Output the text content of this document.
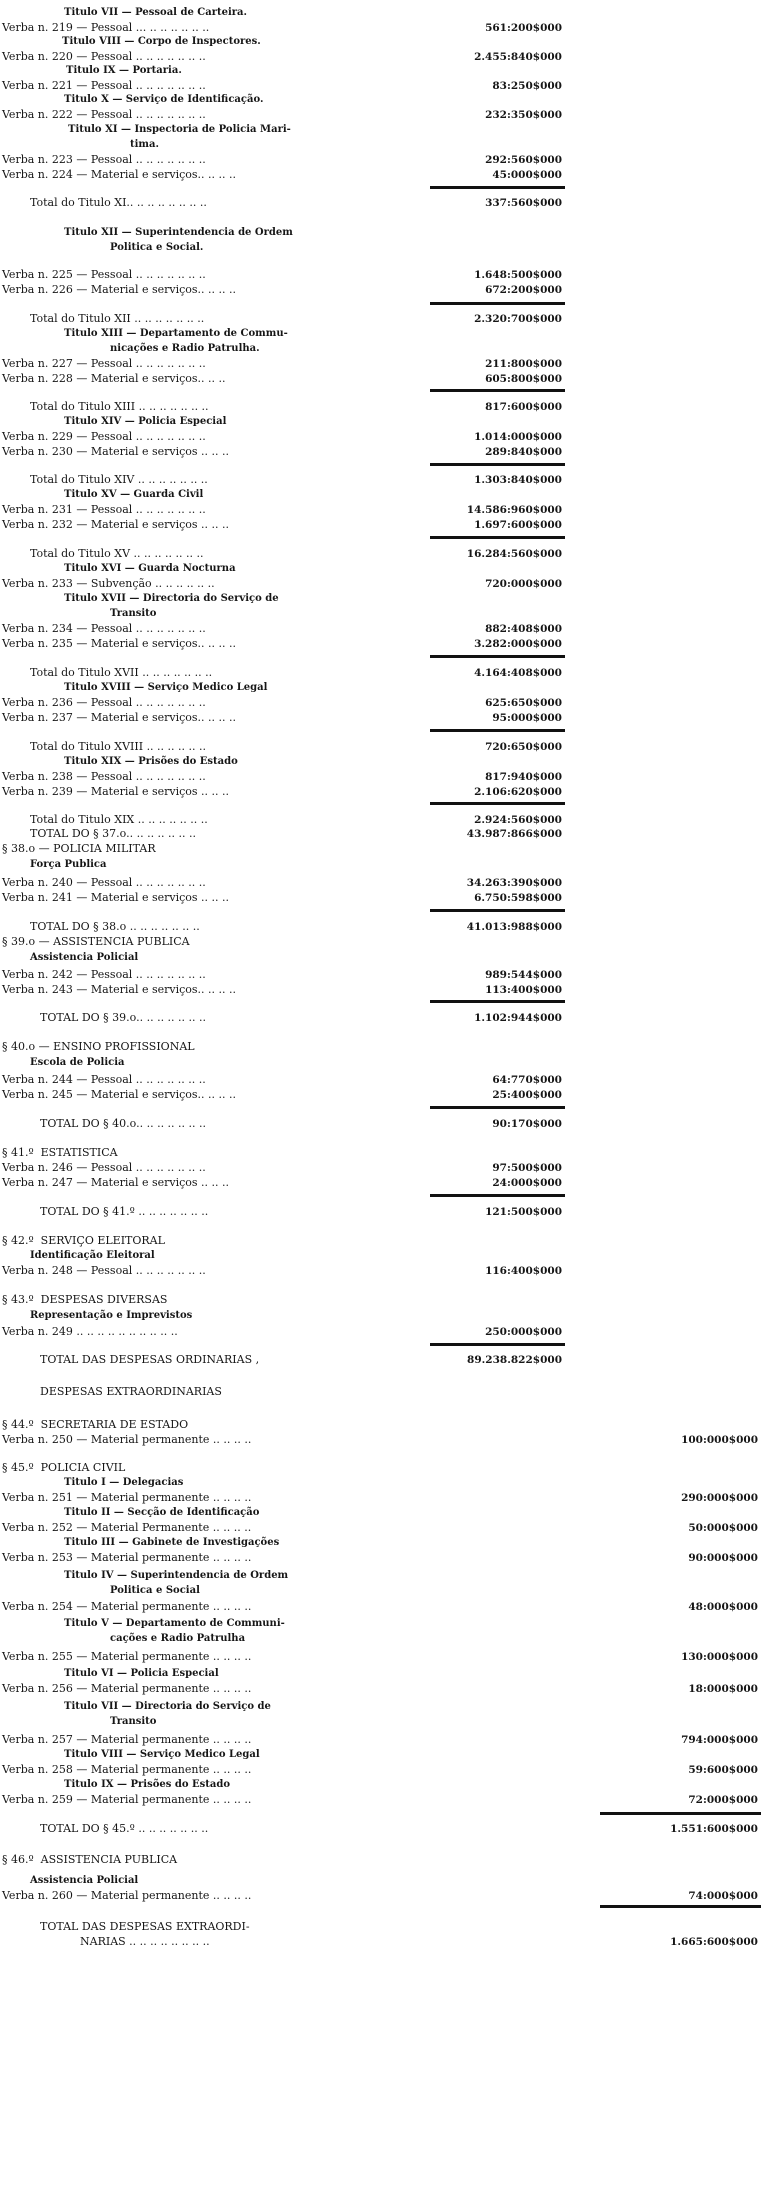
Titulo VII — Pessoal de Carteira.
Verba n. 219 — Pessoal ... .. .. .. .. .. ..	561:200$000
Titulo VIII — Corpo de Inspectores.
Verba n. 220 — Pessoal .. .. .. .. .. .. ..	2.455:840$000
Titulo IX — Portaria.
Verba n. 221 — Pessoal .. .. .. .. .. .. ..	83:250$000
Titulo X — Serviço de Identificação.
Verba n. 222 — Pessoal .. .. .. .. .. .. ..	232:350$000
Titulo XI — Inspectoria de Policia Mari-
tima.
Verba n. 223 — Pessoal .. .. .. .. .. .. ..	292:560$000
Verba n. 224 — Material e serviços.. .. .. ..	45:000$000
Total do Titulo XI.. .. .. .. .. .. .. ..	337:560$000
Titulo XII — Superintendencia de Ordem
Politica e Social.
Verba n. 225 — Pessoal .. .. .. .. .. .. ..	1.648:500$000
Verba n. 226 — Material e serviços.. .. .. ..	672:200$000
Total do Titulo XII .. .. .. .. .. .. ..	2.320:700$000
Titulo XIII — Departamento de Commu-
nicações e Radio Patrulha.
Verba n. 227 — Pessoal .. .. .. .. .. .. ..	211:800$000
Verba n. 228 — Material e serviços.. .. ..	605:800$000
Total do Titulo XIII .. .. .. .. .. .. ..	817:600$000
Titulo XIV — Policia Especial
Verba n. 229 — Pessoal .. .. .. .. .. .. ..	1.014:000$000
Verba n. 230 — Material e serviços .. .. ..	289:840$000
Total do Titulo XIV .. .. .. .. .. .. ..	1.303:840$000
Titulo XV — Guarda Civil
Verba n. 231 — Pessoal .. .. .. .. .. .. ..	14.586:960$000
Verba n. 232 — Material e serviços .. .. ..	1.697:600$000
Total do Titulo XV .. .. .. .. .. .. ..	16.284:560$000
Titulo XVI — Guarda Nocturna
Verba n. 233 — Subvenção .. .. .. .. .. ..	720:000$000
Titulo XVII — Directoria do Serviço de
Transito
Verba n. 234 — Pessoal .. .. .. .. .. .. ..	882:408$000
Verba n. 235 — Material e serviços.. .. .. ..	3.282:000$000
Total do Titulo XVII .. .. .. .. .. .. ..	4.164:408$000
Titulo XVIII — Serviço Medico Legal
Verba n. 236 — Pessoal .. .. .. .. .. .. ..	625:650$000
Verba n. 237 — Material e serviços.. .. .. ..	95:000$000
Total do Titulo XVIII .. .. .. .. .. ..	720:650$000
Titulo XIX — Prisões do Estado
Verba n. 238 — Pessoal .. .. .. .. .. .. ..	817:940$000
Verba n. 239 — Material e serviços .. .. ..	2.106:620$000
Total do Titulo XIX .. .. .. .. .. .. ..	2.924:560$000
TOTAL DO § 37.o.. .. .. .. .. .. ..	43.987:866$000
§ 38.o — POLICIA MILITAR
Força Publica
Verba n. 240 — Pessoal .. .. .. .. .. .. ..	34.263:390$000
Verba n. 241 — Material e serviços .. .. ..	6.750:598$000
TOTAL DO § 38.o .. .. .. .. .. .. ..	41.013:988$000
§ 39.o — ASSISTENCIA PUBLICA
Assistencia Policial
Verba n. 242 — Pessoal .. .. .. .. .. .. ..	989:544$000
Verba n. 243 — Material e serviços.. .. .. ..	113:400$000
TOTAL DO § 39.o.. .. .. .. .. .. ..	1.102:944$000
§ 40.o — ENSINO PROFISSIONAL
Escola de Policia
Verba n. 244 — Pessoal .. .. .. .. .. .. ..	64:770$000
Verba n. 245 — Material e serviços.. .. .. ..	25:400$000
TOTAL DO § 40.o.. .. .. .. .. .. ..	90:170$000
§ 41.º  ESTATISTICA
Verba n. 246 — Pessoal .. .. .. .. .. .. ..	97:500$000
Verba n. 247 — Material e serviços .. .. ..	24:000$000
TOTAL DO § 41.º .. .. .. .. .. .. ..	121:500$000
§ 42.º  SERVIÇO ELEITORAL
Identificação Eleitoral
Verba n. 248 — Pessoal .. .. .. .. .. .. ..	116:400$000
§ 43.º  DESPESAS DIVERSAS
Representação e Imprevistos
Verba n. 249 .. .. .. .. .. .. .. .. .. ..	250:000$000
TOTAL DAS DESPESAS ORDINARIAS ,	89.238.822$000
DESPESAS EXTRAORDINARIAS
§ 44.º  SECRETARIA DE ESTADO
Verba n. 250 — Material permanente .. .. .. ..	100:000$000
§ 45.º  POLICIA CIVIL
Titulo I — Delegacias
Verba n. 251 — Material permanente .. .. .. ..	290:000$000
Titulo II — Secção de Identificação
Verba n. 252 — Material Permanente .. .. .. ..	50:000$000
Titulo III — Gabinete de Investigações
Verba n. 253 — Material permanente .. .. .. ..	90:000$000
Titulo IV — Superintendencia de Ordem
Politica e Social
Verba n. 254 — Material permanente .. .. .. ..	48:000$000
Titulo V — Departamento de Communi-
cações e Radio Patrulha
Verba n. 255 — Material permanente .. .. .. ..	130:000$000
Titulo VI — Policia Especial
Verba n. 256 — Material permanente .. .. .. ..	18:000$000
Titulo VII — Directoria do Serviço de
Transito
Verba n. 257 — Material permanente .. .. .. ..	794:000$000
Titulo VIII — Serviço Medico Legal
Verba n. 258 — Material permanente .. .. .. ..	59:600$000
Titulo IX — Prisões do Estado
Verba n. 259 — Material permanente .. .. .. ..	72:000$000
TOTAL DO § 45.º .. .. .. .. .. .. ..	1.551:600$000
§ 46.º  ASSISTENCIA PUBLICA
Assistencia Policial
Verba n. 260 — Material permanente .. .. .. ..	74:000$000
TOTAL DAS DESPESAS EXTRAORDI-
NARIAS .. .. .. .. .. .. .. ..	1.665:600$000
